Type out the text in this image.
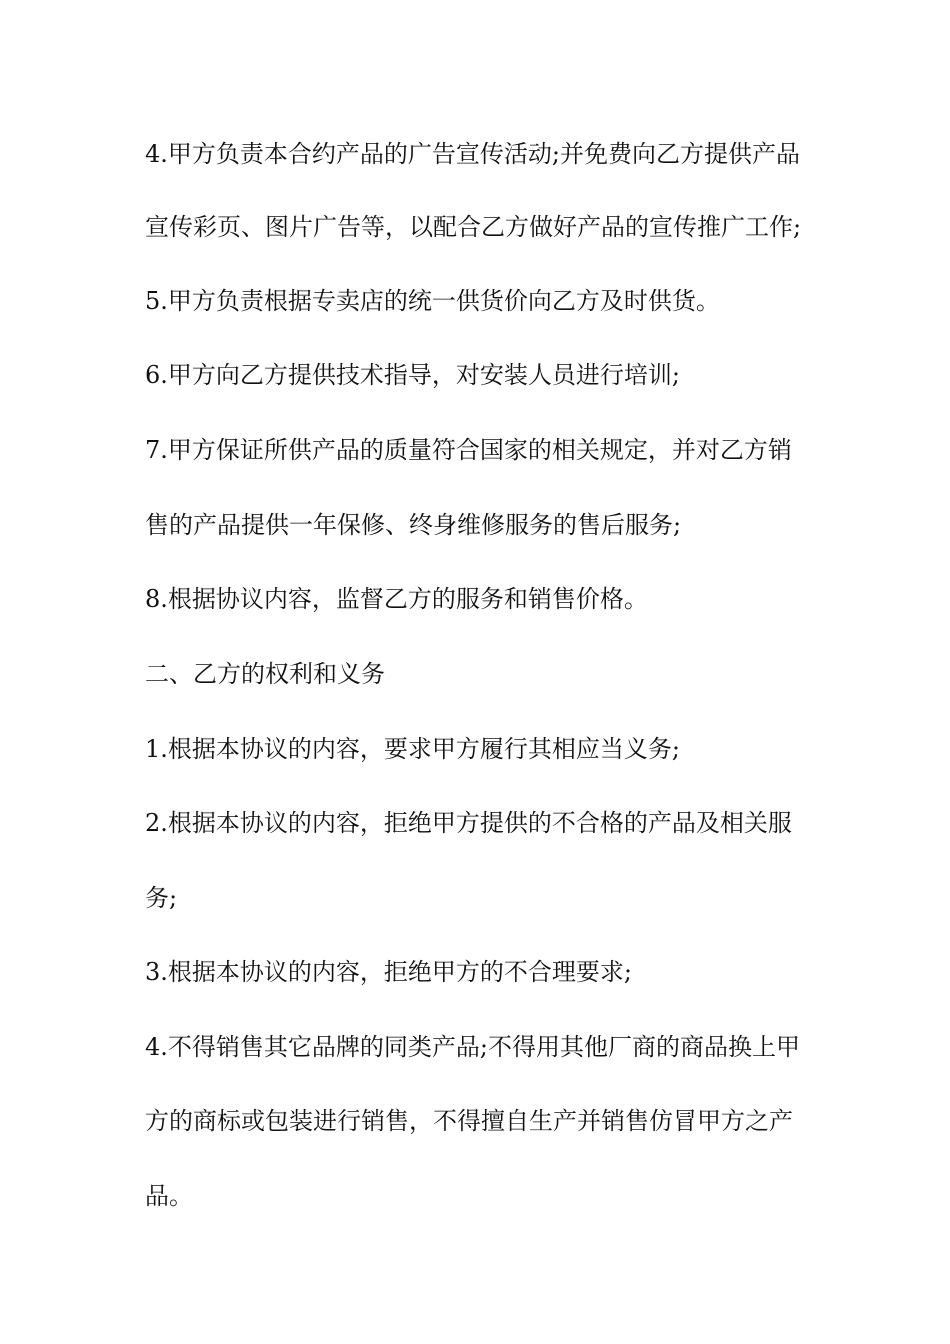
4.甲方负责本合约产品的广告宣传活动;并免费向乙方提供产品
宣传彩页、图片广告等，以配合乙方做好产品的宣传推广工作;
5.甲方负责根据专卖店的统一供货价向乙方及时供货。
6.甲方向乙方提供技术指导，对安装人员进行培训;
7.甲方保证所供产品的质量符合国家的相关规定，并对乙方销
售的产品提供一年保修、终身维修服务的售后服务;
8.根据协议内容，监督乙方的服务和销售价格。
二、乙方的权利和义务
1.根据本协议的内容，要求甲方履行其相应当义务;
2.根据本协议的内容，拒绝甲方提供的不合格的产品及相关服
务;
3.根据本协议的内容，拒绝甲方的不合理要求;
4.不得销售其它品牌的同类产品;不得用其他厂商的商品换上甲
方的商标或包装进行销售，不得擅自生产并销售仿冒甲方之产
品。
